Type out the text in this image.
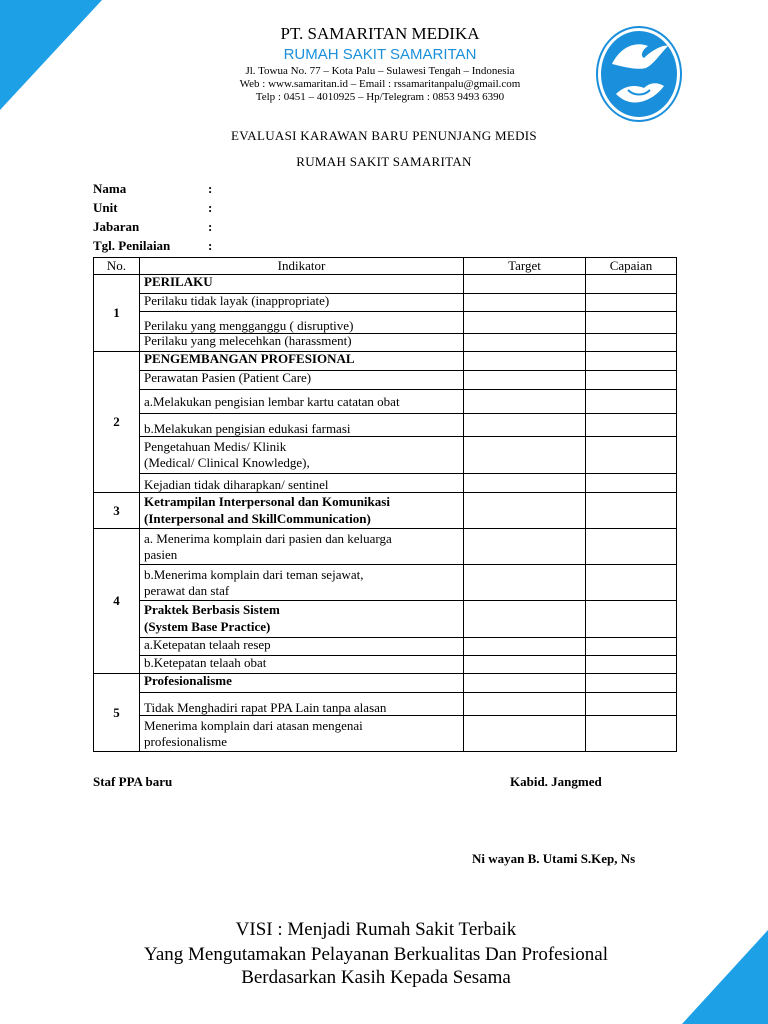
PT. SAMARITAN MEDIKA
RUMAH SAKIT SAMARITAN
Jl. Towua No. 77 – Kota Palu – Sulawesi Tengah – Indonesia
Web : www.samaritan.id – Email : rssamaritanpalu@gmail.com
Telp : 0451 – 4010925 – Hp/Telegram : 0853 9493 6390
EVALUASI KARAWAN BARU PENUNJANG MEDIS
RUMAH SAKIT SAMARITAN
Nama	:
Unit	:
Jabaran	:
Tgl. Penilaian	:
No.	Indikator	Target	Capaian
1	PERILAKU		
	Perilaku tidak layak (inappropriate)		
	Perilaku yang mengganggu ( disruptive)		
	Perilaku yang melecehkan (harassment)		
2	PENGEMBANGAN PROFESIONAL		
	Perawatan Pasien (Patient Care)		
	a.Melakukan pengisian lembar kartu catatan obat		
	b.Melakukan pengisian edukasi farmasi		

	Pengetahuan Medis/ Klinik
(Medical/ Clinical Knowledge),		

	Kejadian tidak diharapkan/ sentinel		
3	Ketrampilan Interpersonal dan Komunikasi
(Interpersonal and SkillCommunication)		

4	a. Menerima komplain dari pasien dan keluarga
pasien		

	b.Menerima komplain dari teman sejawat,
perawat dan staf		

	Praktek Berbasis Sistem
(System Base Practice)		

	a.Ketepatan telaah resep		
	b.Ketepatan telaah obat		
5	Profesionalisme		
	Tidak Menghadiri rapat PPA Lain tanpa alasan		

	Menerima komplain dari atasan mengenai
profesionalisme		

Staf PPA baru	Kabid. Jangmed
Ni wayan B. Utami S.Kep, Ns
VISI : Menjadi Rumah Sakit Terbaik
Yang Mengutamakan Pelayanan Berkualitas Dan Profesional
Berdasarkan Kasih Kepada Sesama
